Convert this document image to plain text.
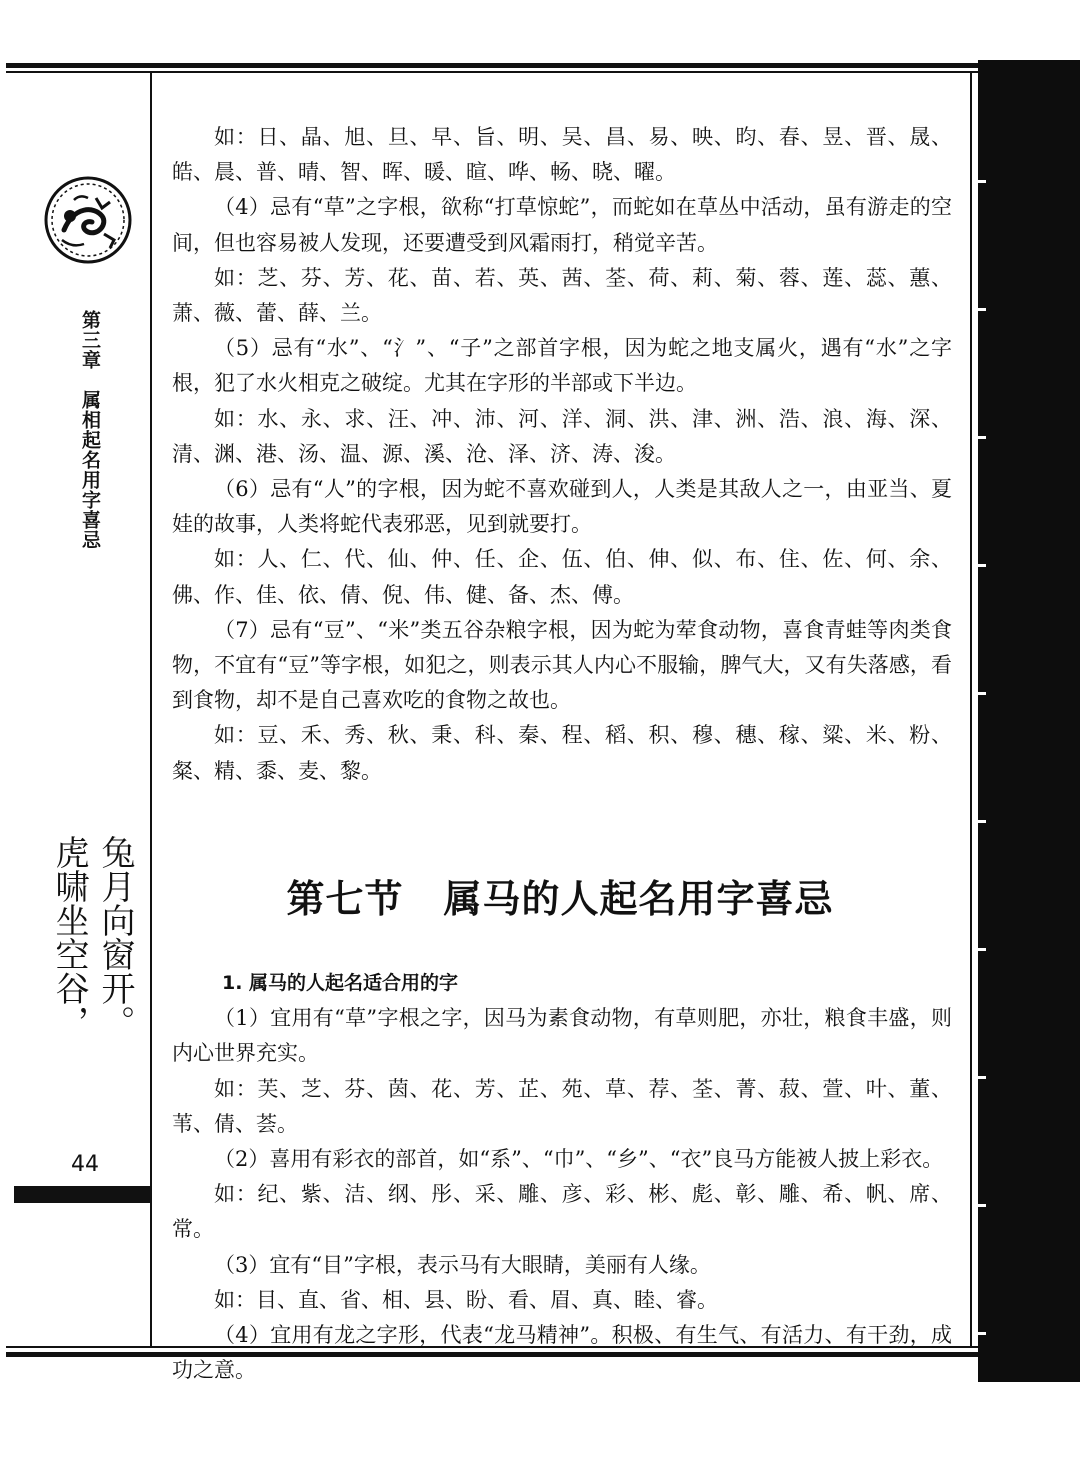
第三章　属相起名用字喜忌
兔月向窗开。
虎啸坐空谷，
44

如：日、晶、旭、旦、早、旨、明、吴、昌、易、映、昀、春、昱、晋、晟、皓、晨、普、晴、智、晖、暖、暄、哗、畅、晓、曜。

（4）忌有“草”之字根，欲称“打草惊蛇”，而蛇如在草丛中活动，虽有游走的空间，但也容易被人发现，还要遭受到风霜雨打，稍觉辛苦。

如：芝、芬、芳、花、苗、若、英、茜、荃、荷、莉、菊、蓉、莲、蕊、蕙、萧、薇、蕾、薛、兰。

（5）忌有“水”、“氵”、“子”之部首字根，因为蛇之地支属火，遇有“水”之字根，犯了水火相克之破绽。尤其在字形的半部或下半边。

如：水、永、求、汪、冲、沛、河、洋、洞、洪、津、洲、浩、浪、海、深、清、渊、港、汤、温、源、溪、沧、泽、济、涛、浚。

（6）忌有“人”的字根，因为蛇不喜欢碰到人，人类是其敌人之一，由亚当、夏娃的故事，人类将蛇代表邪恶，见到就要打。

如：人、仁、代、仙、仲、任、企、伍、伯、伸、似、布、住、佐、何、余、佛、作、佳、依、倩、倪、伟、健、备、杰、傅。

（7）忌有“豆”、“米”类五谷杂粮字根，因为蛇为荤食动物，喜食青蛙等肉类食物，不宜有“豆”等字根，如犯之，则表示其人内心不服输，脾气大，又有失落感，看到食物，却不是自己喜欢吃的食物之故也。

如：豆、禾、秀、秋、秉、科、秦、程、稻、积、穆、穗、稼、粱、米、粉、粲、精、黍、麦、黎。

第七节 属马的人起名用字喜忌

1. 属马的人起名适合用的字

（1）宜用有“草”字根之字，因马为素食动物，有草则肥，亦壮，粮食丰盛，则内心世界充实。

如：芙、芝、芬、茵、花、芳、芷、苑、草、荐、荃、菁、菽、萱、叶、董、苇、倩、荟。

（2）喜用有彩衣的部首，如“系”、“巾”、“乡”、“衣”良马方能被人披上彩衣。

如：纪、紫、洁、纲、彤、采、雕、彦、彩、彬、彪、彰、雕、希、帆、席、常。

（3）宜有“目”字根，表示马有大眼睛，美丽有人缘。

如：目、直、省、相、县、盼、看、眉、真、睦、睿。

（4）宜用有龙之字形，代表“龙马精神”。积极、有生气、有活力、有干劲，成功之意。
